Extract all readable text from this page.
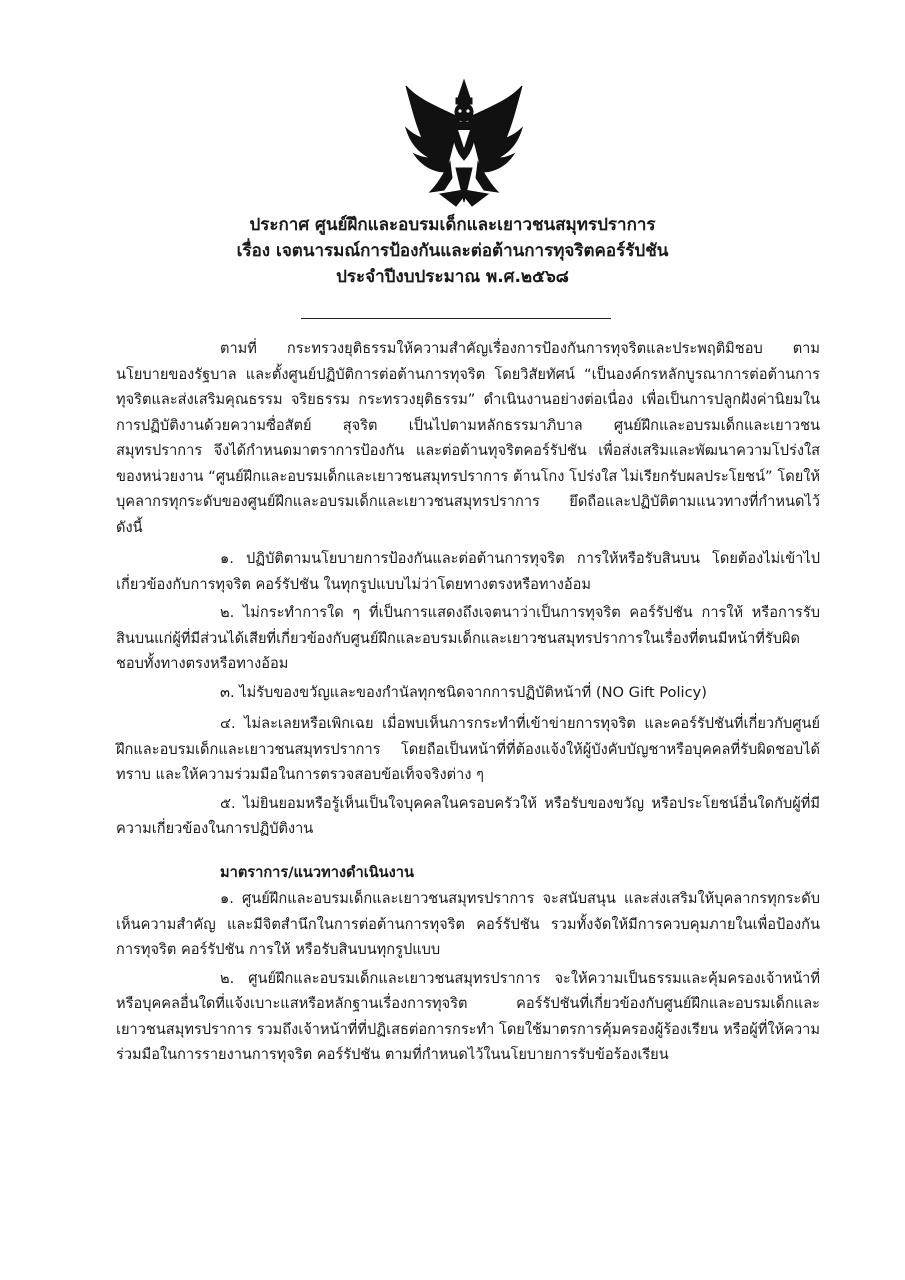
ประกาศ ศูนย์ฝึกและอบรมเด็กและเยาวชนสมุทรปราการ
เรื่อง เจตนารมณ์การป้องกันและต่อต้านการทุจริตคอร์รัปชัน
ประจำปีงบประมาณ พ.ศ.๒๕๖๘

ตามที่ กระทรวงยุติธรรมให้ความสำคัญเรื่องการป้องกันการทุจริตและประพฤติมิชอบ ตามนโยบายของรัฐบาล และตั้งศูนย์ปฏิบัติการต่อต้านการทุจริต โดยวิสัยทัศน์ “เป็นองค์กรหลักบูรณาการต่อต้านการทุจริตและส่งเสริมคุณธรรม จริยธรรม กระทรวงยุติธรรม” ดำเนินงานอย่างต่อเนื่อง เพื่อเป็นการปลูกฝังค่านิยมในการปฏิบัติงานด้วยความซื่อสัตย์ สุจริต เป็นไปตามหลักธรรมาภิบาล ศูนย์ฝึกและอบรมเด็กและเยาวชนสมุทรปราการ จึงได้กำหนดมาตราการป้องกัน และต่อต้านทุจริตคอร์รัปชัน เพื่อส่งเสริมและพัฒนาความโปร่งใสของหน่วยงาน “ศูนย์ฝึกและอบรมเด็กและเยาวชนสมุทรปราการ ต้านโกง โปร่งใส ไม่เรียกรับผลประโยชน์” โดยให้บุคลากรทุกระดับของศูนย์ฝึกและอบรมเด็กและเยาวชนสมุทรปราการ ยึดถือและปฏิบัติตามแนวทางที่กำหนดไว้ ดังนี้

๑. ปฏิบัติตามนโยบายการป้องกันและต่อต้านการทุจริต การให้หรือรับสินบน โดยต้องไม่เข้าไปเกี่ยวข้องกับการทุจริต คอร์รัปชัน ในทุกรูปแบบไม่ว่าโดยทางตรงหรือทางอ้อม

๒. ไม่กระทำการใด ๆ ที่เป็นการแสดงถึงเจตนาว่าเป็นการทุจริต คอร์รัปชัน การให้ หรือการรับสินบนแก่ผู้ที่มีส่วนได้เสียที่เกี่ยวข้องกับศูนย์ฝึกและอบรมเด็กและเยาวชนสมุทรปราการในเรื่องที่ตนมีหน้าที่รับผิดชอบทั้งทางตรงหรือทางอ้อม

๓. ไม่รับของขวัญและของกำนัลทุกชนิดจากการปฏิบัติหน้าที่ (NO Gift Policy)

๔. ไม่ละเลยหรือเพิกเฉย เมื่อพบเห็นการกระทำที่เข้าข่ายการทุจริต และคอร์รัปชันที่เกี่ยวกับศูนย์ฝึกและอบรมเด็กและเยาวชนสมุทรปราการ โดยถือเป็นหน้าที่ที่ต้องแจ้งให้ผู้บังคับบัญชาหรือบุคคลที่รับผิดชอบได้ทราบ และให้ความร่วมมือในการตรวจสอบข้อเท็จจริงต่าง ๆ

๕. ไม่ยินยอมหรือรู้เห็นเป็นใจบุคคลในครอบครัวให้ หรือรับของขวัญ หรือประโยชน์อื่นใดกับผู้ที่มีความเกี่ยวข้องในการปฏิบัติงาน

มาตราการ/แนวทางดำเนินงาน

๑. ศูนย์ฝึกและอบรมเด็กและเยาวชนสมุทรปราการ จะสนับสนุน และส่งเสริมให้บุคลากรทุกระดับเห็นความสำคัญ และมีจิตสำนึกในการต่อต้านการทุจริต คอร์รัปชัน รวมทั้งจัดให้มีการควบคุมภายในเพื่อป้องกันการทุจริต คอร์รัปชัน การให้ หรือรับสินบนทุกรูปแบบ

๒. ศูนย์ฝึกและอบรมเด็กและเยาวชนสมุทรปราการ จะให้ความเป็นธรรมและคุ้มครองเจ้าหน้าที่หรือบุคคลอื่นใดที่แจ้งเบาะแสหรือหลักฐานเรื่องการทุจริต คอร์รัปชันที่เกี่ยวข้องกับศูนย์ฝึกและอบรมเด็กและเยาวชนสมุทรปราการ รวมถึงเจ้าหน้าที่ที่ปฏิเสธต่อการกระทำ โดยใช้มาตรการคุ้มครองผู้ร้องเรียน หรือผู้ที่ให้ความร่วมมือในการรายงานการทุจริต คอร์รัปชัน ตามที่กำหนดไว้ในนโยบายการรับข้อร้องเรียน
